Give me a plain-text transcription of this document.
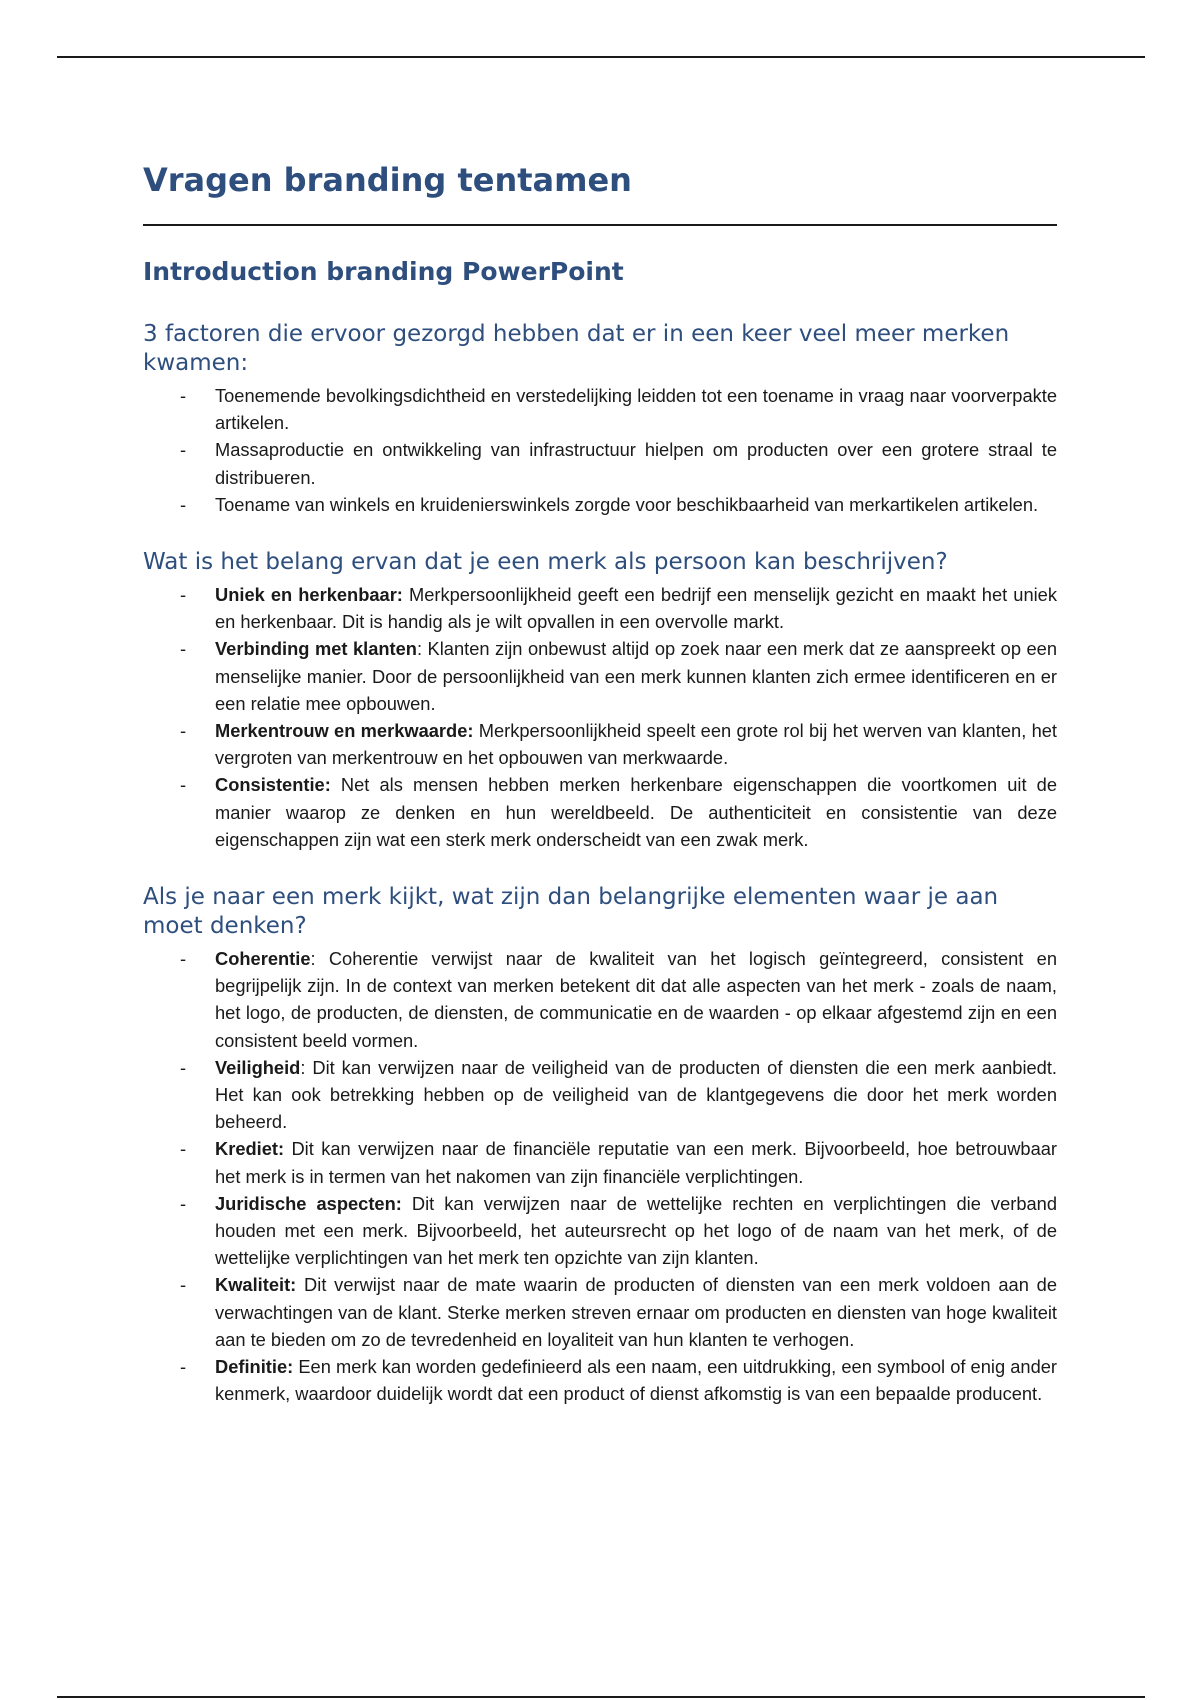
Vragen branding tentamen
Introduction branding PowerPoint
3 factoren die ervoor gezorgd hebben dat er in een keer veel meer merken kwamen:
- Toenemende bevolkingsdichtheid en verstedelijking leidden tot een toename in vraag naar voorverpakte artikelen.
- Massaproductie en ontwikkeling van infrastructuur hielpen om producten over een grotere straal te distribueren.
- Toename van winkels en kruidenierswinkels zorgde voor beschikbaarheid van merkartikelen artikelen.
Wat is het belang ervan dat je een merk als persoon kan beschrijven?
- Uniek en herkenbaar: Merkpersoonlijkheid geeft een bedrijf een menselijk gezicht en maakt het uniek en herkenbaar. Dit is handig als je wilt opvallen in een overvolle markt.
- Verbinding met klanten: Klanten zijn onbewust altijd op zoek naar een merk dat ze aanspreekt op een menselijke manier. Door de persoonlijkheid van een merk kunnen klanten zich ermee identificeren en er een relatie mee opbouwen.
- Merkentrouw en merkwaarde: Merkpersoonlijkheid speelt een grote rol bij het werven van klanten, het vergroten van merkentrouw en het opbouwen van merkwaarde.
- Consistentie: Net als mensen hebben merken herkenbare eigenschappen die voortkomen uit de manier waarop ze denken en hun wereldbeeld. De authenticiteit en consistentie van deze eigenschappen zijn wat een sterk merk onderscheidt van een zwak merk.
Als je naar een merk kijkt, wat zijn dan belangrijke elementen waar je aan moet denken?
- Coherentie: Coherentie verwijst naar de kwaliteit van het logisch geïntegreerd, consistent en begrijpelijk zijn. In de context van merken betekent dit dat alle aspecten van het merk - zoals de naam, het logo, de producten, de diensten, de communicatie en de waarden - op elkaar afgestemd zijn en een consistent beeld vormen.
- Veiligheid: Dit kan verwijzen naar de veiligheid van de producten of diensten die een merk aanbiedt. Het kan ook betrekking hebben op de veiligheid van de klantgegevens die door het merk worden beheerd.
- Krediet: Dit kan verwijzen naar de financiële reputatie van een merk. Bijvoorbeeld, hoe betrouwbaar het merk is in termen van het nakomen van zijn financiële verplichtingen.
- Juridische aspecten: Dit kan verwijzen naar de wettelijke rechten en verplichtingen die verband houden met een merk. Bijvoorbeeld, het auteursrecht op het logo of de naam van het merk, of de wettelijke verplichtingen van het merk ten opzichte van zijn klanten.
- Kwaliteit: Dit verwijst naar de mate waarin de producten of diensten van een merk voldoen aan de verwachtingen van de klant. Sterke merken streven ernaar om producten en diensten van hoge kwaliteit aan te bieden om zo de tevredenheid en loyaliteit van hun klanten te verhogen.
- Definitie: Een merk kan worden gedefinieerd als een naam, een uitdrukking, een symbool of enig ander kenmerk, waardoor duidelijk wordt dat een product of dienst afkomstig is van een bepaalde producent.
